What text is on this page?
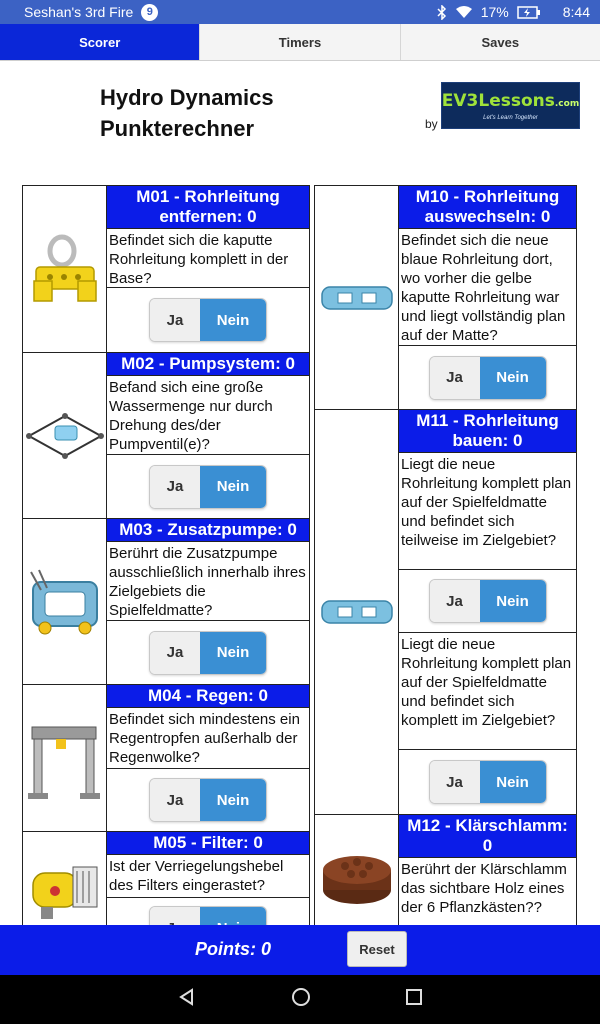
Seshan's 3rd Fire	9	17%	8:44
Scorer	Timers	Saves
Hydro Dynamics
Punkterechner	by
EV3Lessons.com
Let's Learn Together
M01 - Rohrleitung entfernen: 0
Befindet sich die kaputte Rohrleitung komplett in der Base?
Ja	Nein
M02 - Pumpsystem: 0
Befand sich eine große Wassermenge nur durch Drehung des/der Pumpventil(e)?
Ja	Nein
M03 - Zusatzpumpe: 0
Berührt die Zusatzpumpe ausschließlich innerhalb ihres Zielgebiets die Spielfeldmatte?
Ja	Nein
M04 - Regen: 0
Befindet sich mindestens ein Regentropfen außerhalb der Regenwolke?
Ja	Nein
M05 - Filter: 0
Ist der Verriegelungshebel des Filters eingerastet?
M10 - Rohrleitung auswechseln: 0
Befindet sich die neue blaue Rohrleitung dort, wo vorher die gelbe kaputte Rohrleitung war und liegt vollständig plan auf der Matte?
Ja	Nein
M11 - Rohrleitung bauen: 0
Liegt die neue Rohrleitung komplett plan auf der Spielfeldmatte und befindet sich teilweise im Zielgebiet?
Ja	Nein
Liegt die neue Rohrleitung komplett plan auf der Spielfeldmatte und befindet sich komplett im Zielgebiet?
Ja	Nein
M12 - Klärschlamm: 0
Berührt der Klärschlamm das sichtbare Holz eines der 6 Pflanzkästen??
Points: 0	Reset
